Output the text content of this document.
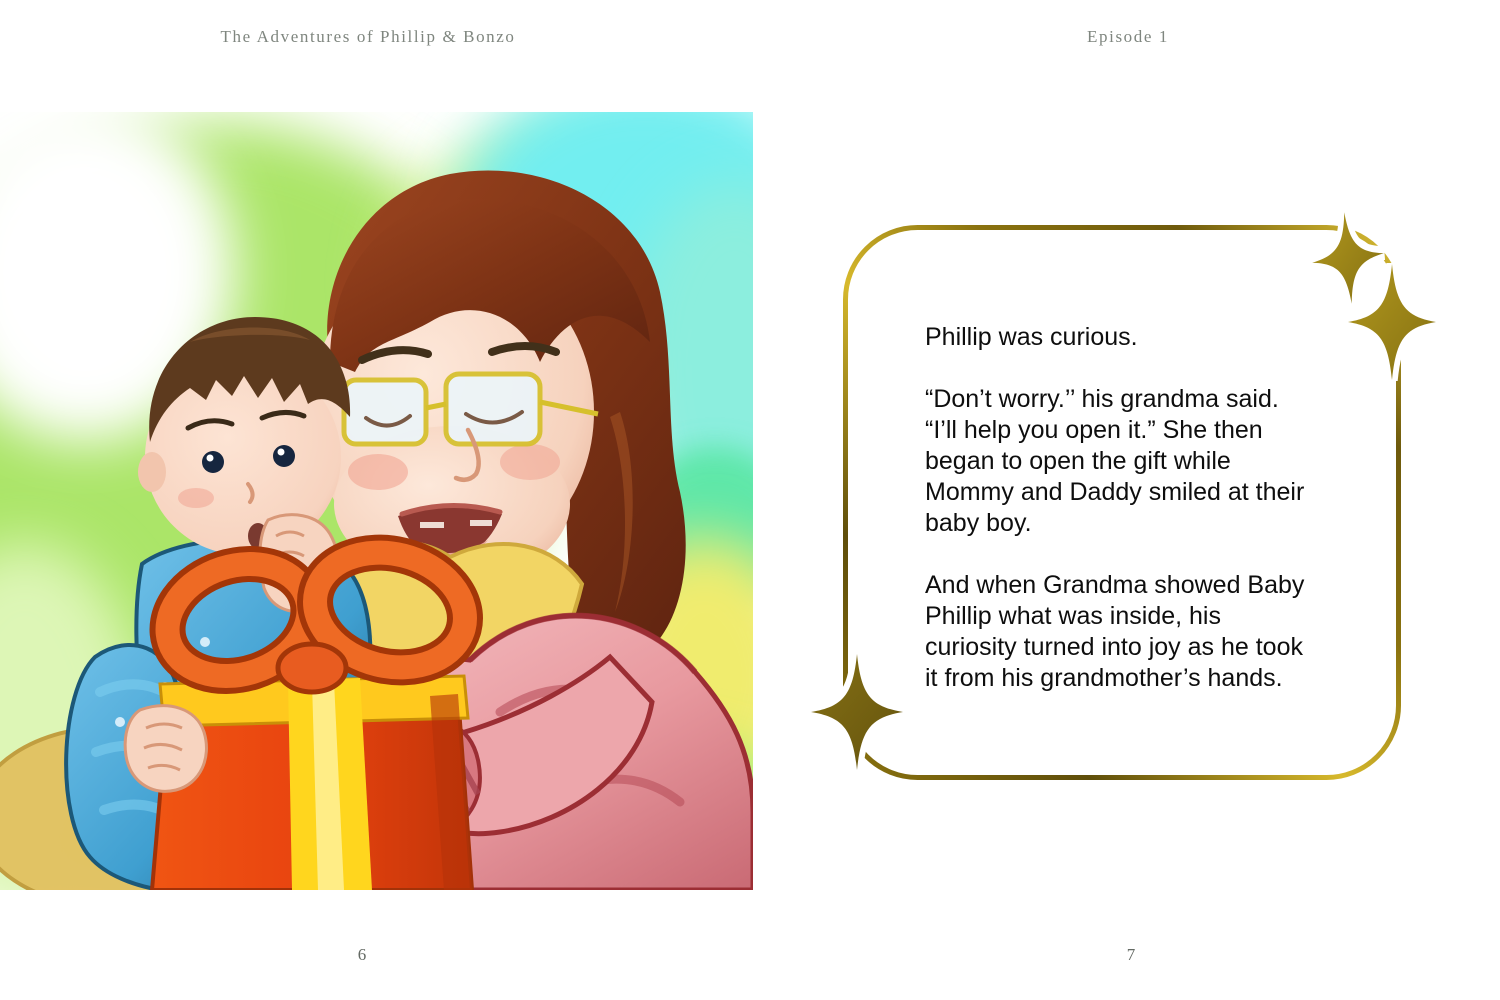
The Adventures of Phillip & Bonzo	Episode 1
Phillip was curious.
“Don’t worry.’’ his grandma said.
“I’ll help you open it.” She then
began to open the gift while
Mommy and Daddy smiled at their
baby boy.
And when Grandma showed Baby
Phillip what was inside, his
curiosity turned into joy as he took
it from his grandmother’s hands.
6	7
